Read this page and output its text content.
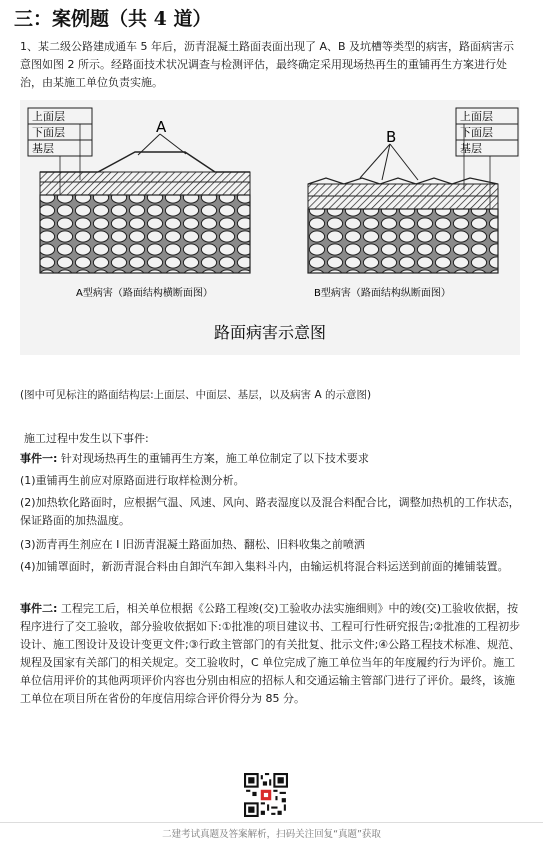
三：案例题（共 4 道）

1、某二级公路建成通车 5 年后，沥青混凝土路面表面出现了 A、B 及坑槽等类型的病害，路面病害示意图如图 2 所示。经路面技术状况调查与检测评估，最终确定采用现场热再生的重铺再生方案进行处治，由某施工单位负责实施。

A
上面层
下面层
基层
A型病害（路面结构横断面图）
B
上面层
下面层
基层
B型病害（路面结构纵断面图）
路面病害示意图

(图中可见标注的路面结构层:上面层、中面层、基层，以及病害 A 的示意图)

施工过程中发生以下事件:

事件一: 针对现场热再生的重铺再生方案，施工单位制定了以下技术要求

(1)重铺再生前应对原路面进行取样检测分析。

(2)加热软化路面时，应根据气温、风速、风向、路表湿度以及混合料配合比，调整加热机的工作状态，保证路面的加热温度。

(3)沥青再生剂应在 I 旧沥青混凝土路面加热、翻松、旧料收集之前喷洒

(4)加铺罩面时，新沥青混合料由自卸汽车卸入集料斗内，由输运机将混合料运送到前面的摊铺装置。

事件二: 工程完工后，相关单位根据《公路工程竣(交)工验收办法实施细则》中的竣(交)工验收依据，按程序进行了交工验收，部分验收依据如下:①批准的项目建议书、工程可行性研究报告;②批准的工程初步设计、施工图设计及设计变更文件;③行政主管部门的有关批复、批示文件;④公路工程技术标准、规范、规程及国家有关部门的相关规定。交工验收时，C 单位完成了施工单位当年的年度履约行为评价。施工单位信用评价的其他两项评价内容也分别由相应的招标人和交通运输主管部门进行了评价。最终，该施工单位在项目所在省份的年度信用综合评价得分为 85 分。

二建考试真题及答案解析，扫码关注回复“真题”获取
